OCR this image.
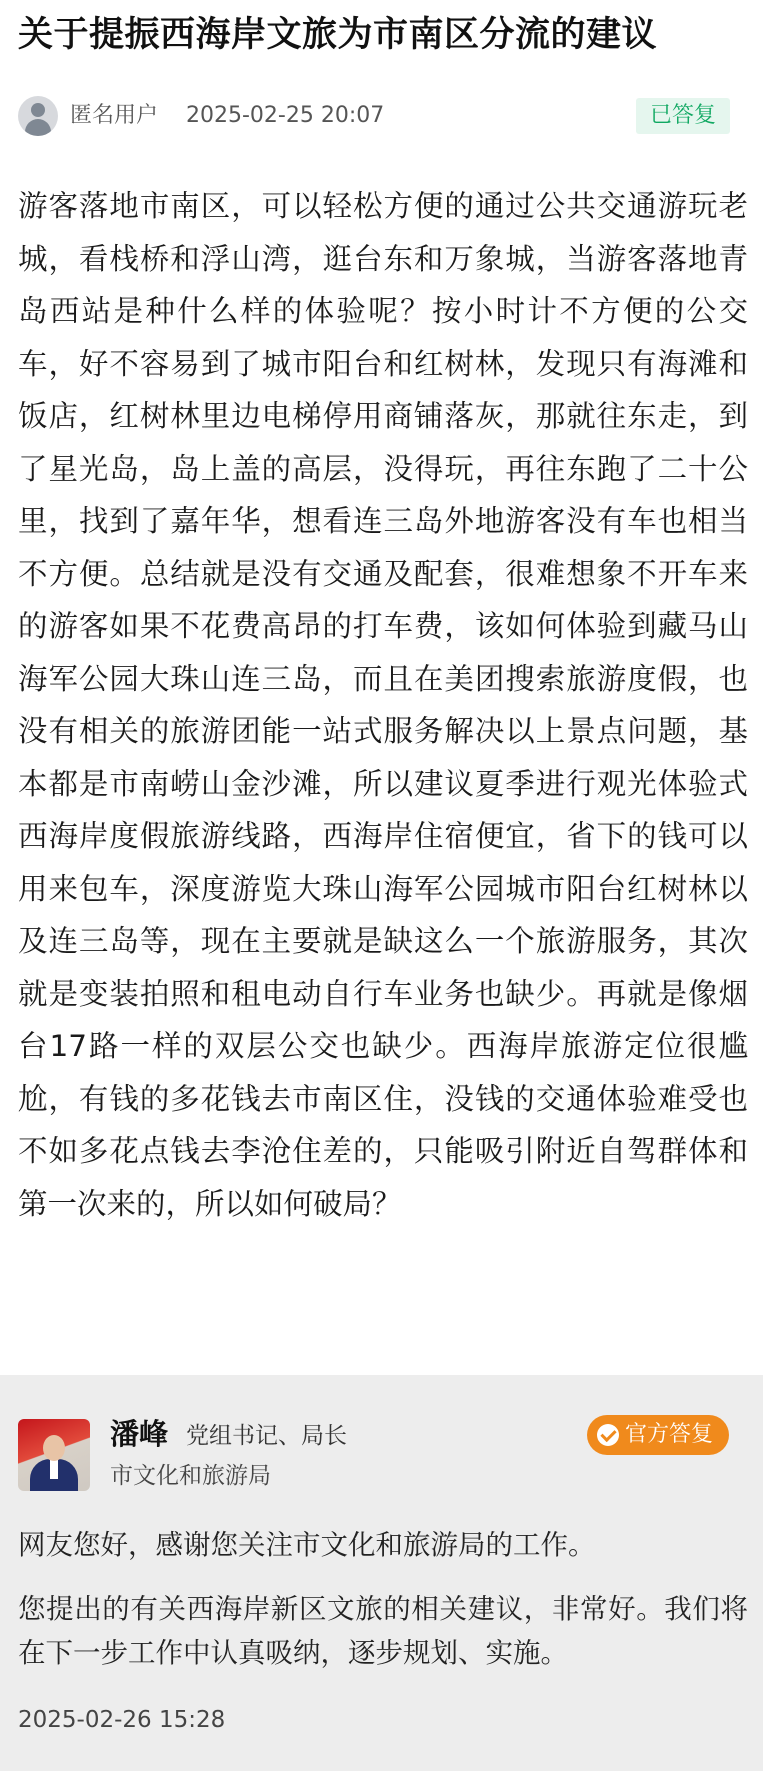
关于提振西海岸文旅为市南区分流的建议
匿名用户 2025-02-25 20:07	已答复
游客落地市南区，可以轻松方便的通过公共交通游玩老城，看栈桥和浮山湾，逛台东和万象城，当游客落地青岛西站是种什么样的体验呢？按小时计不方便的公交车，好不容易到了城市阳台和红树林，发现只有海滩和饭店，红树林里边电梯停用商铺落灰，那就往东走，到了星光岛，岛上盖的高层，没得玩，再往东跑了二十公里，找到了嘉年华，想看连三岛外地游客没有车也相当不方便。总结就是没有交通及配套，很难想象不开车来的游客如果不花费高昂的打车费，该如何体验到藏马山海军公园大珠山连三岛，而且在美团搜索旅游度假，也没有相关的旅游团能一站式服务解决以上景点问题，基本都是市南崂山金沙滩，所以建议夏季进行观光体验式西海岸度假旅游线路，西海岸住宿便宜，省下的钱可以用来包车，深度游览大珠山海军公园城市阳台红树林以及连三岛等，现在主要就是缺这么一个旅游服务，其次就是变装拍照和租电动自行车业务也缺少。再就是像烟台17路一样的双层公交也缺少。西海岸旅游定位很尴尬，有钱的多花钱去市南区住，没钱的交通体验难受也不如多花点钱去李沧住差的，只能吸引附近自驾群体和第一次来的，所以如何破局？
潘峰 党组书记、局长
市文化和旅游局
官方答复
网友您好，感谢您关注市文化和旅游局的工作。
您提出的有关西海岸新区文旅的相关建议，非常好。我们将在下一步工作中认真吸纳，逐步规划、实施。
2025-02-26 15:28
